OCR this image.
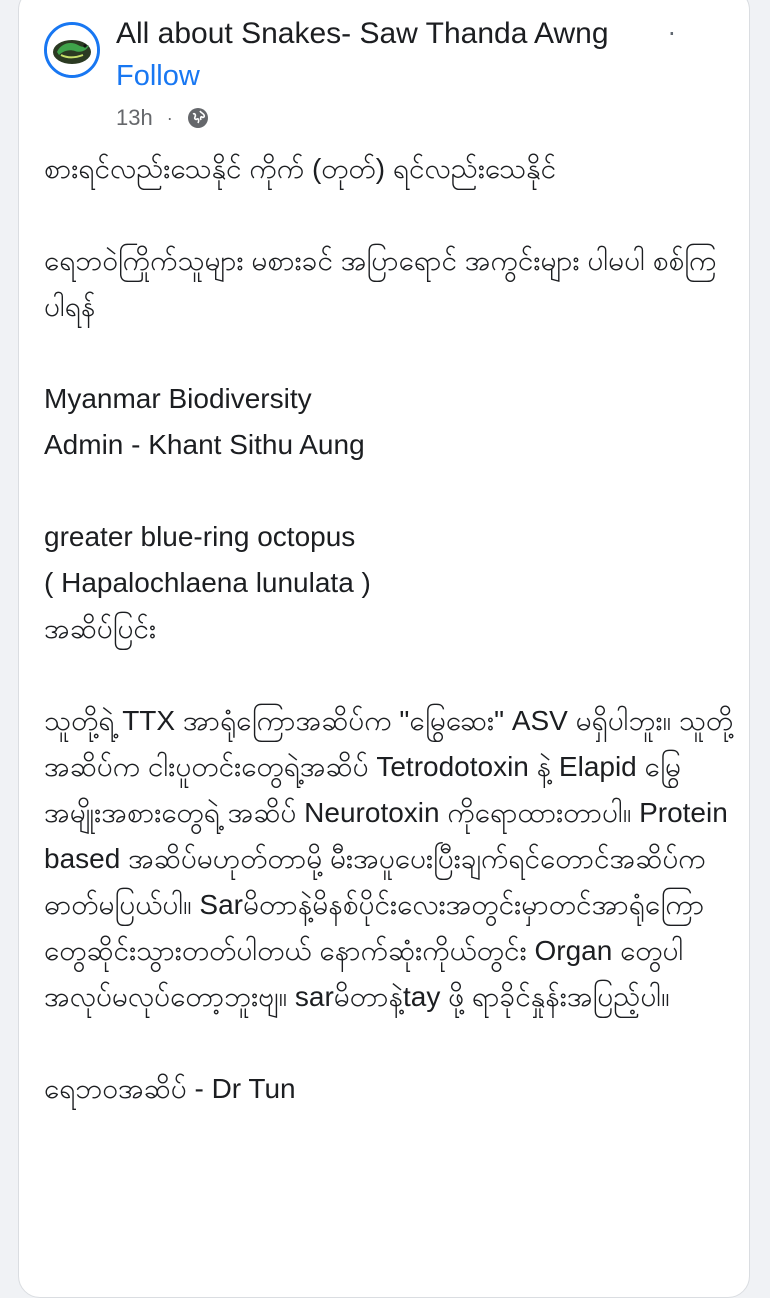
All about Snakes- Saw Thanda Awng ·
Follow
13h ·

စားရင်လည်းသေနိုင် ကိုက် (တုတ်) ရင်လည်းသေနိုင်

ရေဘဝဲကြိုက်သူများ မစားခင် အပြာရောင် အကွင်းများ ပါမပါ စစ်ကြပါရန်

Myanmar Biodiversity

Admin - Khant Sithu Aung

greater blue-ring octopus

( Hapalochlaena lunulata )

အဆိပ်ပြင်း

သူတို့ရဲ့ TTX အာရုံကြောအဆိပ်က "မြွေဆေး" ASV မရှိပါဘူး။ သူတို့အဆိပ်က ငါးပူတင်းတွေရဲ့အဆိပ် Tetrodotoxin နဲ့ Elapid မြွေအမျိုးအစားတွေရဲ့ အဆိပ် Neurotoxin ကိုရောထားတာပါ။ Protein based အဆိပ်မဟုတ်တာမို့ မီးအပူပေးပြီးချက်ရင်တောင်အဆိပ်ကဓာတ်မပြယ်ပါ။ Sarမိတာနဲ့မိနစ်ပိုင်းလေးအတွင်းမှာတင်အာရုံကြောတွေဆိုင်းသွားတတ်ပါတယ် နောက်ဆုံးကိုယ်တွင်း Organ တွေပါ အလုပ်မလုပ်တော့ဘူးဗျ။ sarမိတာနဲ့tay ဖို့ ရာခိုင်နှုန်းအပြည့်ပါ။

ရေဘဝအဆိပ် - Dr Tun
